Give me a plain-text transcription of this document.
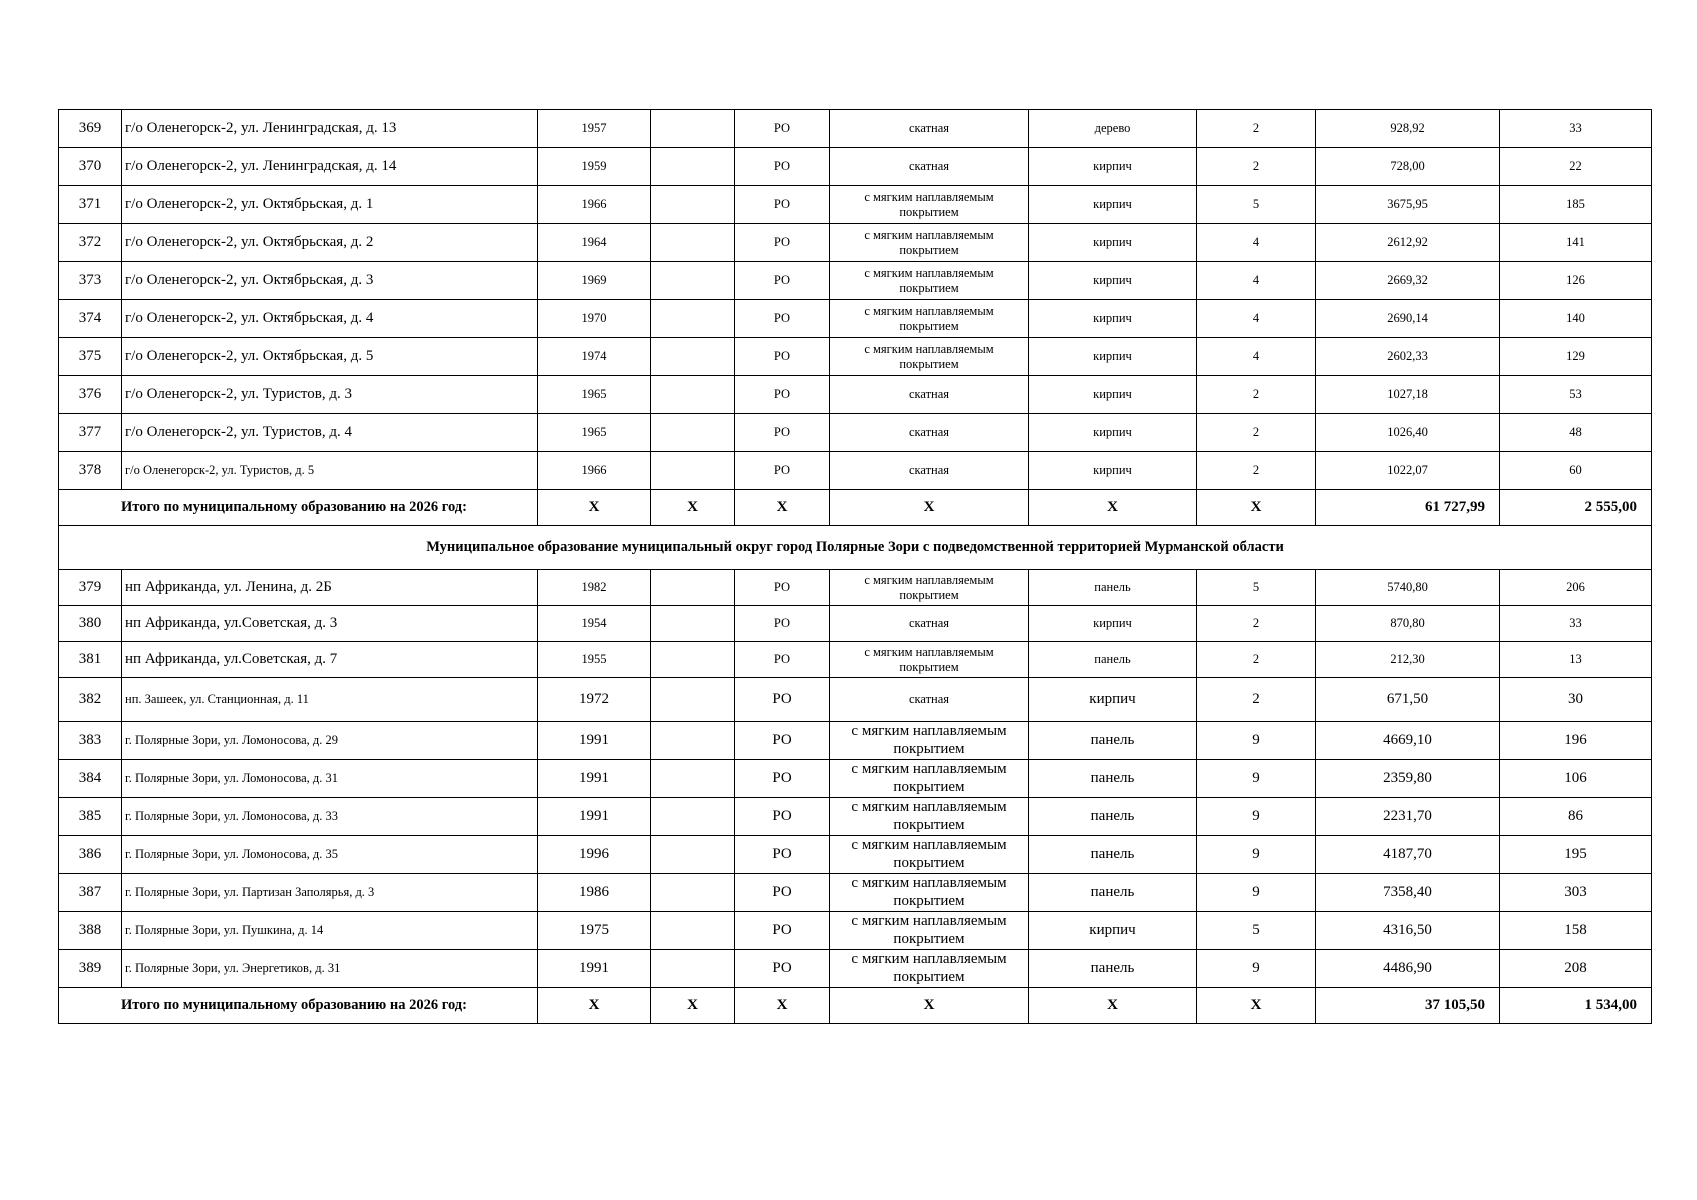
369	г/о Оленегорск-2, ул. Ленинградская, д. 13	1957		РО	скатная	дерево	2	928,92	33
370	г/о Оленегорск-2, ул. Ленинградская, д. 14	1959		РО	скатная	кирпич	2	728,00	22
371	г/о Оленегорск-2, ул. Октябрьская, д. 1	1966		РО	с мягким наплавляемым покрытием	кирпич	5	3675,95	185
372	г/о Оленегорск-2, ул. Октябрьская, д. 2	1964		РО	с мягким наплавляемым покрытием	кирпич	4	2612,92	141
373	г/о Оленегорск-2, ул. Октябрьская, д. 3	1969		РО	с мягким наплавляемым покрытием	кирпич	4	2669,32	126
374	г/о Оленегорск-2, ул. Октябрьская, д. 4	1970		РО	с мягким наплавляемым покрытием	кирпич	4	2690,14	140
375	г/о Оленегорск-2, ул. Октябрьская, д. 5	1974		РО	с мягким наплавляемым покрытием	кирпич	4	2602,33	129
376	г/о Оленегорск-2, ул. Туристов, д. 3	1965		РО	скатная	кирпич	2	1027,18	53
377	г/о Оленегорск-2, ул. Туристов, д. 4	1965		РО	скатная	кирпич	2	1026,40	48
378	г/о Оленегорск-2, ул. Туристов, д. 5	1966		РО	скатная	кирпич	2	1022,07	60
Итого по муниципальному образованию на 2026 год:		X	X	X	X	X	X	61 727,99	2 555,00
Муниципальное образование муниципальный округ город Полярные Зори с подведомственной территорией Мурманской области									
379	нп Африканда, ул. Ленина, д. 2Б	1982		РО	с мягким наплавляемым покрытием	панель	5	5740,80	206
380	нп Африканда, ул.Советская, д. 3	1954		РО	скатная	кирпич	2	870,80	33
381	нп Африканда, ул.Советская, д. 7	1955		РО	с мягким наплавляемым покрытием	панель	2	212,30	13
382	нп. Зашеек, ул. Станционная, д. 11	1972		РО	скатная	кирпич	2	671,50	30
383	г. Полярные Зори, ул. Ломоносова, д. 29	1991		РО	с мягким наплавляемым покрытием	панель	9	4669,10	196
384	г. Полярные Зори, ул. Ломоносова, д. 31	1991		РО	с мягким наплавляемым покрытием	панель	9	2359,80	106
385	г. Полярные Зори, ул. Ломоносова, д. 33	1991		РО	с мягким наплавляемым покрытием	панель	9	2231,70	86
386	г. Полярные Зори, ул. Ломоносова, д. 35	1996		РО	с мягким наплавляемым покрытием	панель	9	4187,70	195
387	г. Полярные Зори, ул. Партизан Заполярья, д. 3	1986		РО	с мягким наплавляемым покрытием	панель	9	7358,40	303
388	г. Полярные Зори, ул. Пушкина, д. 14	1975		РО	с мягким наплавляемым покрытием	кирпич	5	4316,50	158
389	г. Полярные Зори, ул. Энергетиков, д. 31	1991		РО	с мягким наплавляемым покрытием	панель	9	4486,90	208
Итого по муниципальному образованию на 2026 год:		X	X	X	X	X	X	37 105,50	1 534,00
